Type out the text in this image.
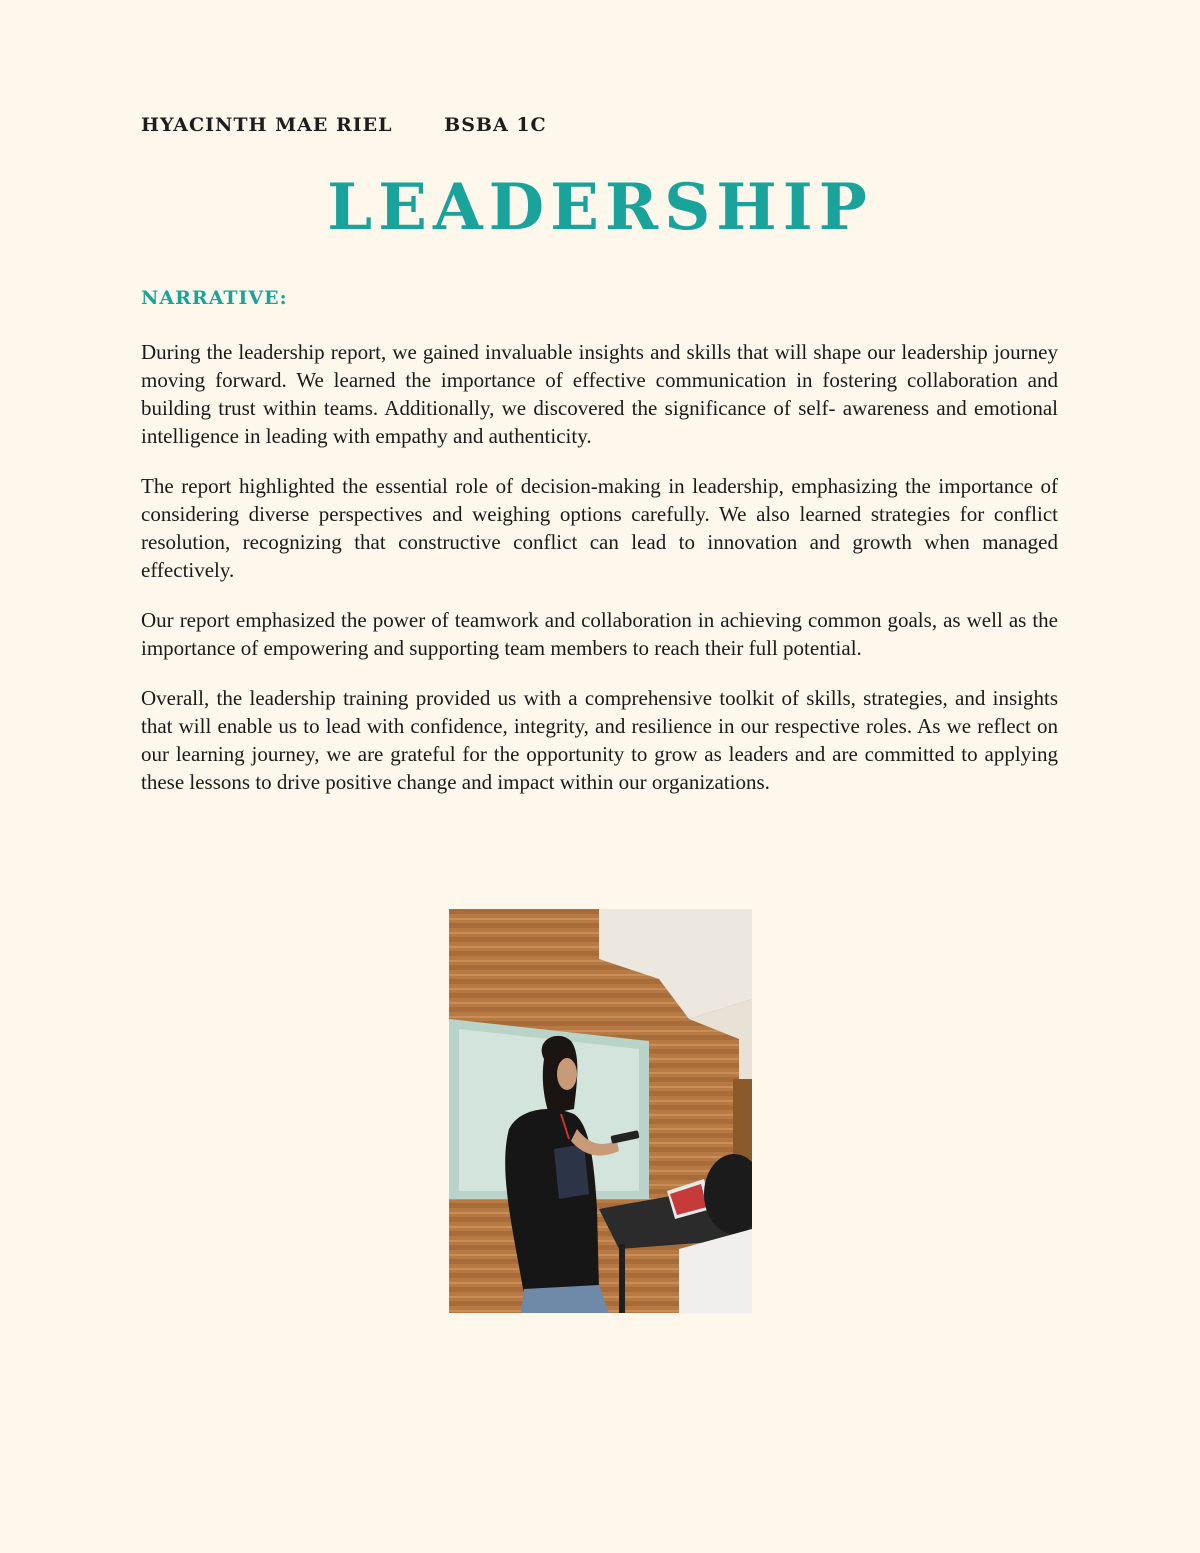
HYACINTH MAE RIEL	BSBA 1C
LEADERSHIP
NARRATIVE:

During the leadership report, we gained invaluable insights and skills that will shape our leadership journey moving forward. We learned the importance of effective communication in fostering collaboration and building trust within teams. Additionally, we discovered the significance of self- awareness and emotional intelligence in leading with empathy and authenticity.

The report highlighted the essential role of decision-making in leadership, emphasizing the importance of considering diverse perspectives and weighing options carefully. We also learned strategies for conflict resolution, recognizing that constructive conflict can lead to innovation and growth when managed effectively.

Our report emphasized the power of teamwork and collaboration in achieving common goals, as well as the importance of empowering and supporting team members to reach their full potential.

Overall, the leadership training provided us with a comprehensive toolkit of skills, strategies, and insights that will enable us to lead with confidence, integrity, and resilience in our respective roles. As we reflect on our learning journey, we are grateful for the opportunity to grow as leaders and are committed to applying these lessons to drive positive change and impact within our organizations.
